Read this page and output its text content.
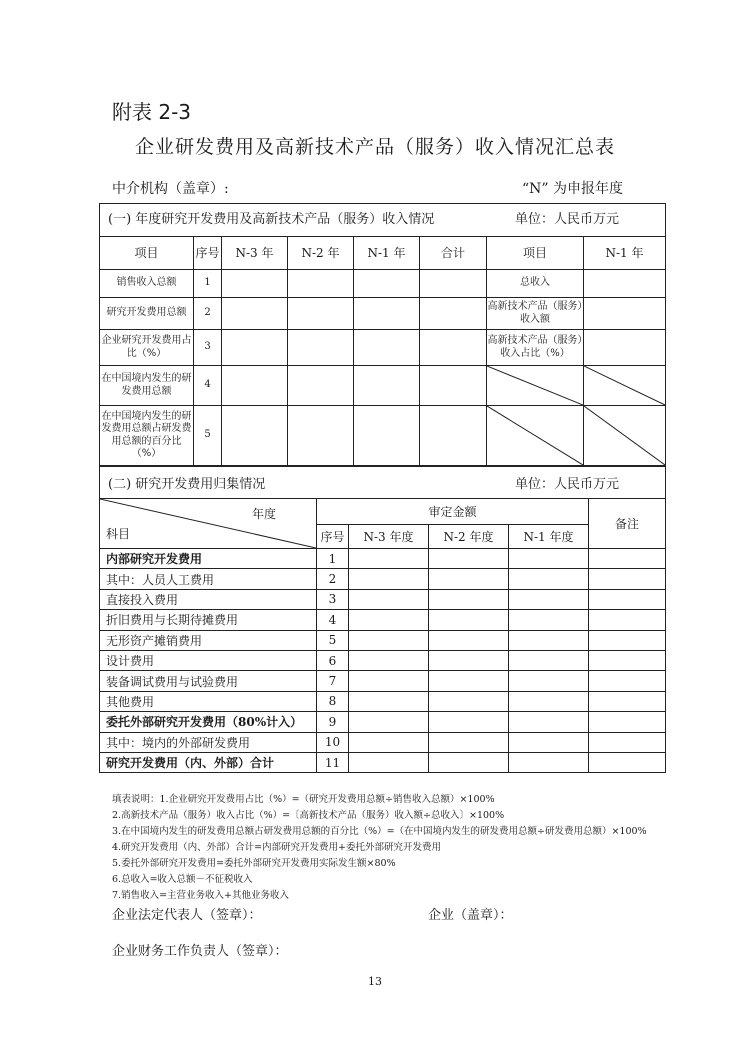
附表 2-3
企业研发费用及高新技术产品（服务）收入情况汇总表
中介机构（盖章）:	“N” 为申报年度
(一) 年度研究开发费用及高新技术产品（服务）收入情况 单位：人民币万元							

项目	序号	N-3 年	N-2 年	N-1 年	合计	项目	N-1 年
销售收入总额	1					总收入	
研究开发费用总额	2					高新技术产品（服务）收入额	
企业研究开发费用占比（%）	3					高新技术产品（服务）收入占比（%）	
在中国境内发生的研发费用总额	4					

在中国境内发生的研发费用总额占研发费用总额的百分比（%）	5					

(二) 研究开发费用归集情况 单位：人民币万元					

年度
科目	审定金额				备注
	序号	N-3 年度	N-2 年度	N-1 年度	
内部研究开发费用	1				
其中：人员人工费用	2				
直接投入费用	3				
折旧费用与长期待摊费用	4				
无形资产摊销费用	5				
设计费用	6				
装备调试费用与试验费用	7				
其他费用	8				
委托外部研究开发费用（80%计入）	9				
其中：境内的外部研发费用	10				
研究开发费用（内、外部）合计	11				
填表说明：1.企业研究开发费用占比（%）=（研究开发费用总额÷销售收入总额）×100%
2.高新技术产品（服务）收入占比（%）=〔高新技术产品（服务）收入额÷总收入〕×100%
3.在中国境内发生的研发费用总额占研发费用总额的百分比（%）=（在中国境内发生的研发费用总额÷研发费用总额）×100%
4.研究开发费用（内、外部）合计=内部研究开发费用+委托外部研究开发费用
5.委托外部研究开发费用=委托外部研究开发费用实际发生额×80%
6.总收入=收入总额－不征税收入
7.销售收入=主营业务收入+其他业务收入
企业法定代表人（签章）：	企业（盖章）：
企业财务工作负责人（签章）：
13
